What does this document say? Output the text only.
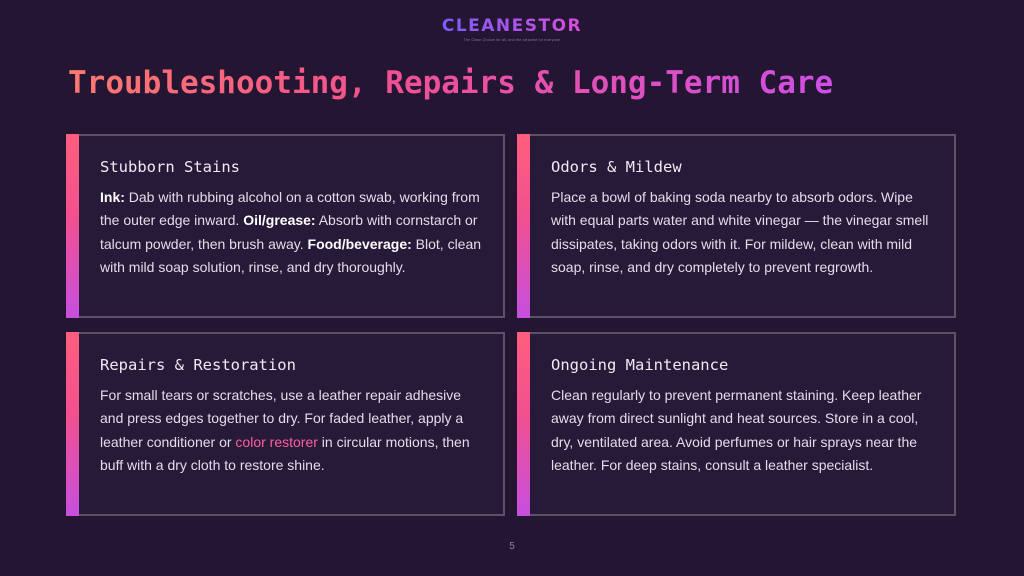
CLEANESTOR
The Clean Choice for all, and the cleanest for everyone
Troubleshooting, Repairs & Long-Term Care
Stubborn Stains

Ink: Dab with rubbing alcohol on a cotton swab, working from the outer edge inward. Oil/grease: Absorb with cornstarch or talcum powder, then brush away. Food/beverage: Blot, clean with mild soap solution, rinse, and dry thoroughly.

Odors & Mildew

Place a bowl of baking soda nearby to absorb odors. Wipe with equal parts water and white vinegar — the vinegar smell dissipates, taking odors with it. For mildew, clean with mild soap, rinse, and dry completely to prevent regrowth.

Repairs & Restoration

For small tears or scratches, use a leather repair adhesive and press edges together to dry. For faded leather, apply a leather conditioner or color restorer in circular motions, then buff with a dry cloth to restore shine.

Ongoing Maintenance

Clean regularly to prevent permanent staining. Keep leather away from direct sunlight and heat sources. Store in a cool, dry, ventilated area. Avoid perfumes or hair sprays near the leather. For deep stains, consult a leather specialist.

5
